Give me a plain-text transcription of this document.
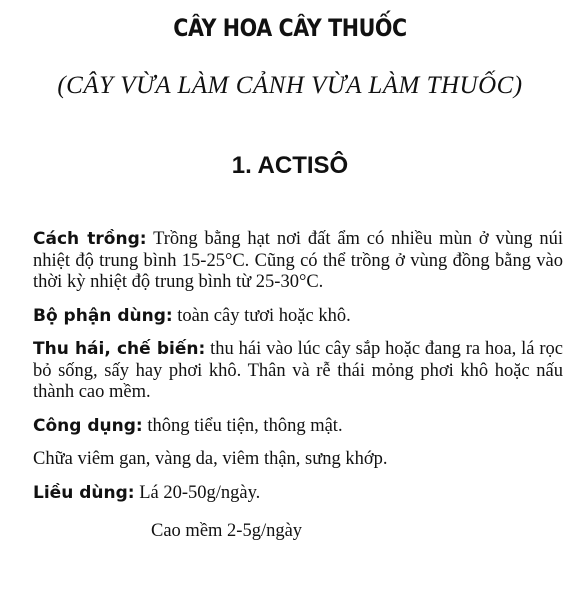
CÂY HOA CÂY THUỐC
(CÂY VỪA LÀM CẢNH VỪA LÀM THUỐC)
1. ACTISÔ

Cách trồng: Trồng bằng hạt nơi đất ẩm có nhiều mùn ở vùng núi nhiệt độ trung bình 15-25°C. Cũng có thể trồng ở vùng đồng bằng vào thời kỳ nhiệt độ trung bình từ 25-30°C.

Bộ phận dùng: toàn cây tươi hoặc khô.

Thu hái, chế biến: thu hái vào lúc cây sắp hoặc đang ra hoa, lá rọc bỏ sống, sấy hay phơi khô. Thân và rễ thái mỏng phơi khô hoặc nấu thành cao mềm.

Công dụng: thông tiểu tiện, thông mật.

Chữa viêm gan, vàng da, viêm thận, sưng khớp.

Liều dùng: Lá 20-50g/ngày.

Cao mềm 2-5g/ngày
